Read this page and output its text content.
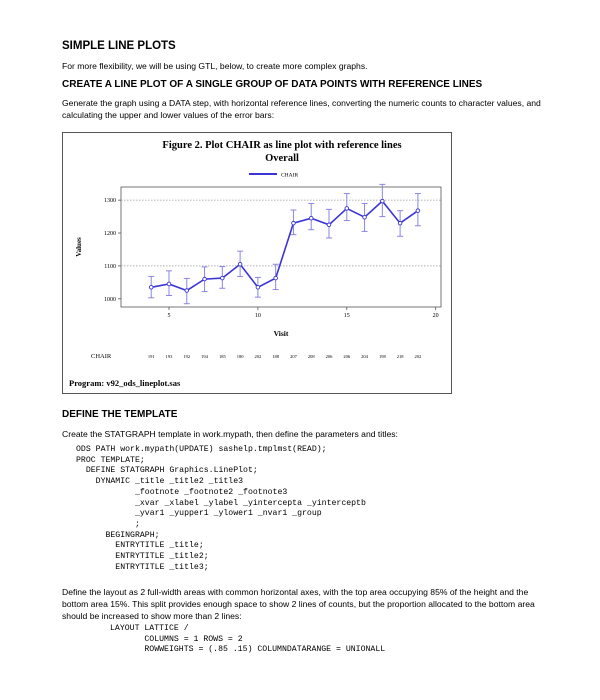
SIMPLE LINE PLOTS
For more flexibility, we will be using GTL, below, to create more complex graphs.
CREATE A LINE PLOT OF A SINGLE GROUP OF DATA POINTS WITH REFERENCE LINES
Generate the graph using a DATA step, with horizontal reference lines, converting the numeric counts to character values, and calculating the upper and lower values of the error bars:
Figure 2. Plot CHAIR as line plot with reference lines
Overall
CHAIR
1000
1100
1200
1300
5	10	15	20
Values
Visit
CHAIR	191 193 192 194 185 180 202 188 207 208 206 206 204 198 218 202
Program: v92_ods_lineplot.sas
DEFINE THE TEMPLATE
Create the STATGRAPH template in work.mypath, then define the parameters and titles:
ODS PATH work.mypath(UPDATE) sashelp.tmplmst(READ);
PROC TEMPLATE;
DEFINE STATGRAPH Graphics.LinePlot;
DYNAMIC _title _title2 _title3
_footnote _footnote2 _footnote3
_xvar _xlabel _ylabel _yintercepta _yinterceptb
_yvar1 _yupper1 _ylower1 _nvar1 _group
;
BEGINGRAPH;
ENTRYTITLE _title;
ENTRYTITLE _title2;
ENTRYTITLE _title3;
Define the layout as 2 full-width areas with common horizontal axes, with the top area occupying 85% of the height and the bottom area 15%. This split provides enough space to show 2 lines of counts, but the proportion allocated to the bottom area should be increased to show more than 2 lines:
LAYOUT LATTICE /
COLUMNS = 1 ROWS = 2
ROWWEIGHTS = (.85 .15) COLUMNDATARANGE = UNIONALL
